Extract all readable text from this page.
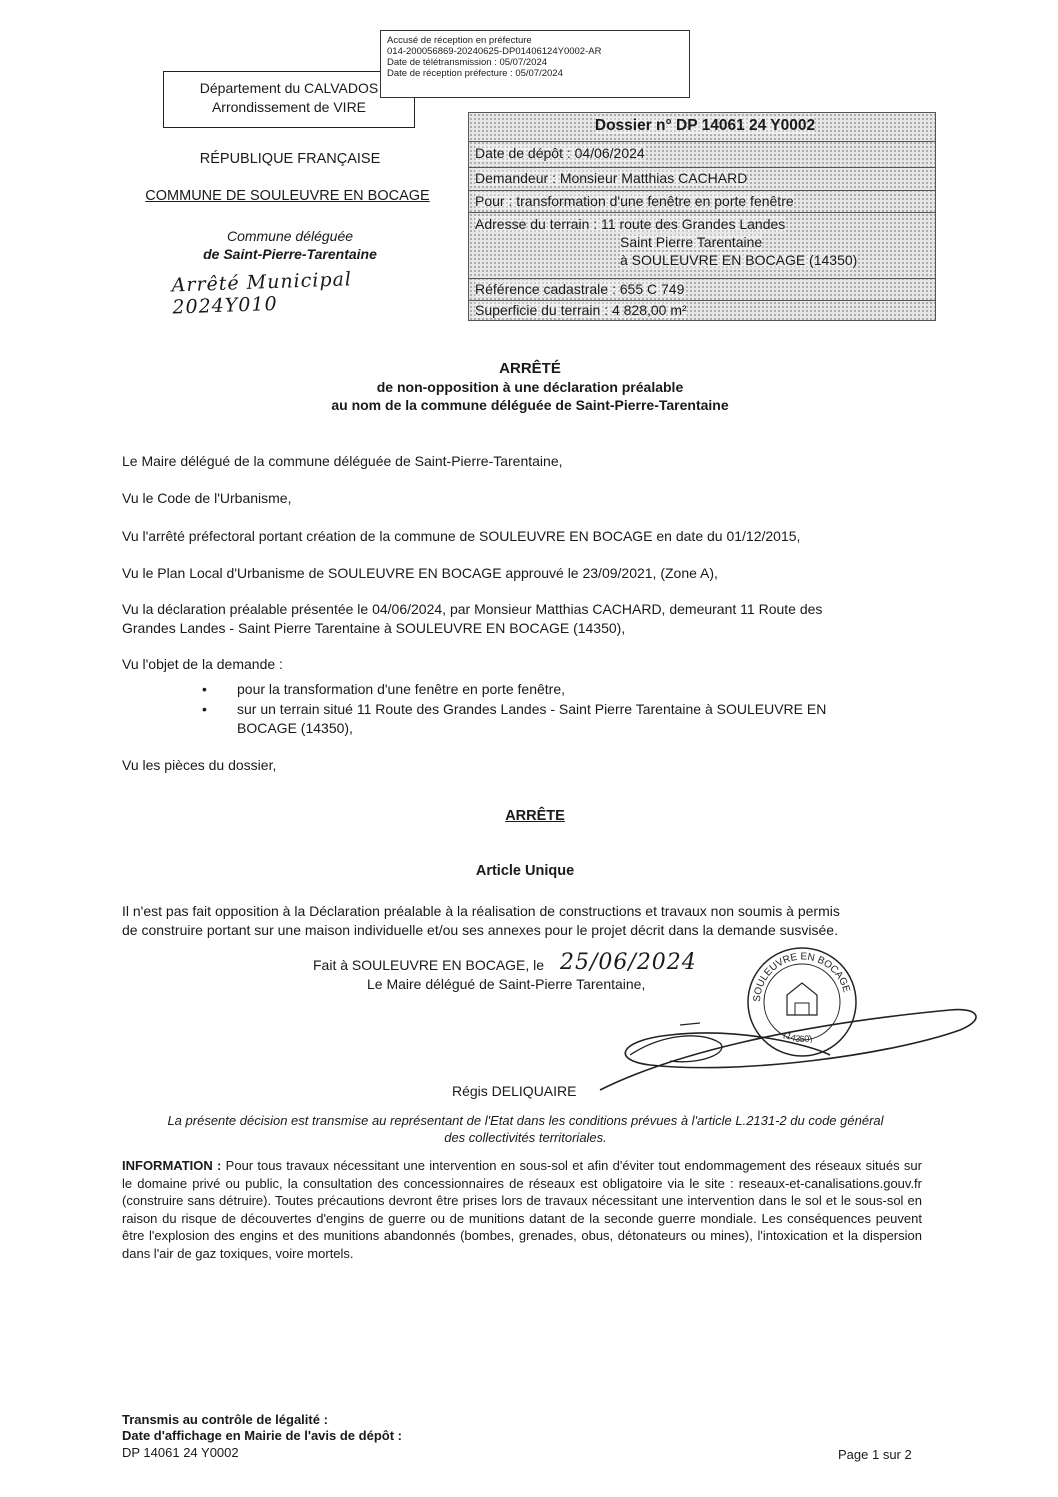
Accusé de réception en préfecture
014-200056869-20240625-DP01406124Y0002-AR
Date de télétransmission : 05/07/2024
Date de réception préfecture : 05/07/2024
Département du CALVADOS
Arrondissement de VIRE
RÉPUBLIQUE FRANÇAISE
COMMUNE DE SOULEUVRE EN BOCAGE
Commune déléguée
de Saint-Pierre-Tarentaine
Arrêté Municipal 2024Y010
Dossier n° DP 14061 24 Y0002
Date de dépôt : 04/06/2024
Demandeur : Monsieur Matthias CACHARD
Pour : transformation d'une fenêtre en porte fenêtre
Adresse du terrain : 11 route des Grandes Landes
Saint Pierre Tarentaine
à SOULEUVRE EN BOCAGE (14350)
Référence cadastrale : 655 C 749
Superficie du terrain : 4 828,00 m²
ARRÊTÉ
de non-opposition à une déclaration préalable
au nom de la commune déléguée de Saint-Pierre-Tarentaine
Le Maire délégué de la commune déléguée de Saint-Pierre-Tarentaine,
Vu le Code de l'Urbanisme,
Vu l'arrêté préfectoral portant création de la commune de SOULEUVRE EN BOCAGE en date du 01/12/2015,
Vu le Plan Local d'Urbanisme de SOULEUVRE EN BOCAGE approuvé le 23/09/2021, (Zone A),
Vu la déclaration préalable présentée le 04/06/2024, par Monsieur Matthias CACHARD, demeurant 11 Route des
Grandes Landes - Saint Pierre Tarentaine à SOULEUVRE EN BOCAGE (14350),
Vu l'objet de la demande :
• pour la transformation d'une fenêtre en porte fenêtre,
• sur un terrain situé 11 Route des Grandes Landes - Saint Pierre Tarentaine à SOULEUVRE EN
BOCAGE (14350),
Vu les pièces du dossier,
ARRÊTE
Article Unique
Il n'est pas fait opposition à la Déclaration préalable à la réalisation de constructions et travaux non soumis à permis
de construire portant sur une maison individuelle et/ou ses annexes pour le projet décrit dans la demande susvisée.
Fait à SOULEUVRE EN BOCAGE, le 25/06/2024
Le Maire délégué de Saint-Pierre Tarentaine,
SOULEUVRE EN BOCAGE
(14350)
Régis DELIQUAIRE
La présente décision est transmise au représentant de l'Etat dans les conditions prévues à l'article L.2131-2 du code général
des collectivités territoriales.
INFORMATION : Pour tous travaux nécessitant une intervention en sous-sol et afin d'éviter tout endommagement des réseaux situés sur le domaine privé ou public, la consultation des concessionnaires de réseaux est obligatoire via le site : reseaux-et-canalisations.gouv.fr (construire sans détruire). Toutes précautions devront être prises lors de travaux nécessitant une intervention dans le sol et le sous-sol en raison du risque de découvertes d'engins de guerre ou de munitions datant de la seconde guerre mondiale. Les conséquences peuvent être l'explosion des engins et des munitions abandonnés (bombes, grenades, obus, détonateurs ou mines), l'intoxication et la dispersion dans l'air de gaz toxiques, voire mortels.
Transmis au contrôle de légalité :
Date d'affichage en Mairie de l'avis de dépôt :
DP 14061 24 Y0002	Page 1 sur 2
